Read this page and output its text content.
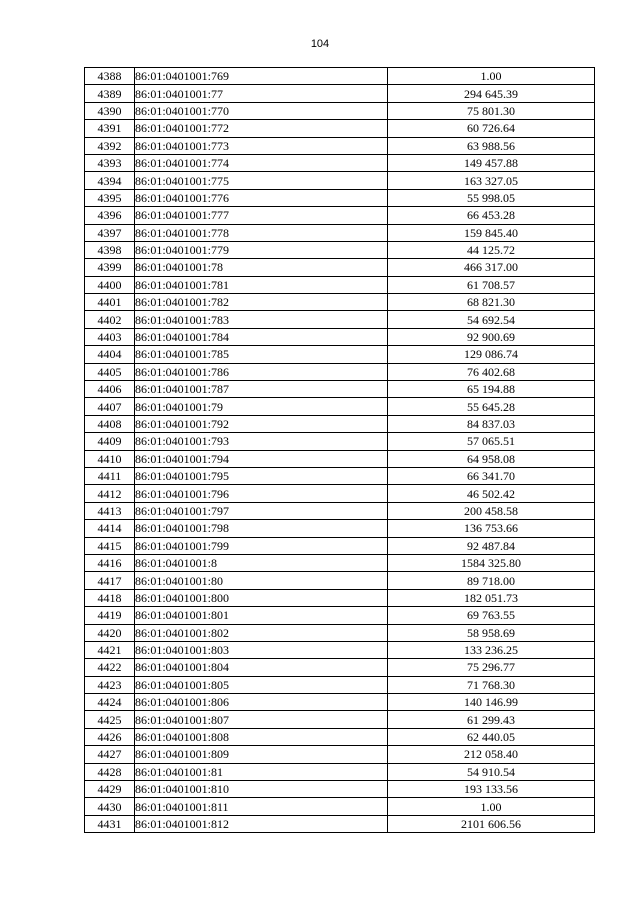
104
4388	86:01:0401001:769	1.00
4389	86:01:0401001:77	294 645.39
4390	86:01:0401001:770	75 801.30
4391	86:01:0401001:772	60 726.64
4392	86:01:0401001:773	63 988.56
4393	86:01:0401001:774	149 457.88
4394	86:01:0401001:775	163 327.05
4395	86:01:0401001:776	55 998.05
4396	86:01:0401001:777	66 453.28
4397	86:01:0401001:778	159 845.40
4398	86:01:0401001:779	44 125.72
4399	86:01:0401001:78	466 317.00
4400	86:01:0401001:781	61 708.57
4401	86:01:0401001:782	68 821.30
4402	86:01:0401001:783	54 692.54
4403	86:01:0401001:784	92 900.69
4404	86:01:0401001:785	129 086.74
4405	86:01:0401001:786	76 402.68
4406	86:01:0401001:787	65 194.88
4407	86:01:0401001:79	55 645.28
4408	86:01:0401001:792	84 837.03
4409	86:01:0401001:793	57 065.51
4410	86:01:0401001:794	64 958.08
4411	86:01:0401001:795	66 341.70
4412	86:01:0401001:796	46 502.42
4413	86:01:0401001:797	200 458.58
4414	86:01:0401001:798	136 753.66
4415	86:01:0401001:799	92 487.84
4416	86:01:0401001:8	1584 325.80
4417	86:01:0401001:80	89 718.00
4418	86:01:0401001:800	182 051.73
4419	86:01:0401001:801	69 763.55
4420	86:01:0401001:802	58 958.69
4421	86:01:0401001:803	133 236.25
4422	86:01:0401001:804	75 296.77
4423	86:01:0401001:805	71 768.30
4424	86:01:0401001:806	140 146.99
4425	86:01:0401001:807	61 299.43
4426	86:01:0401001:808	62 440.05
4427	86:01:0401001:809	212 058.40
4428	86:01:0401001:81	54 910.54
4429	86:01:0401001:810	193 133.56
4430	86:01:0401001:811	1.00
4431	86:01:0401001:812	2101 606.56
